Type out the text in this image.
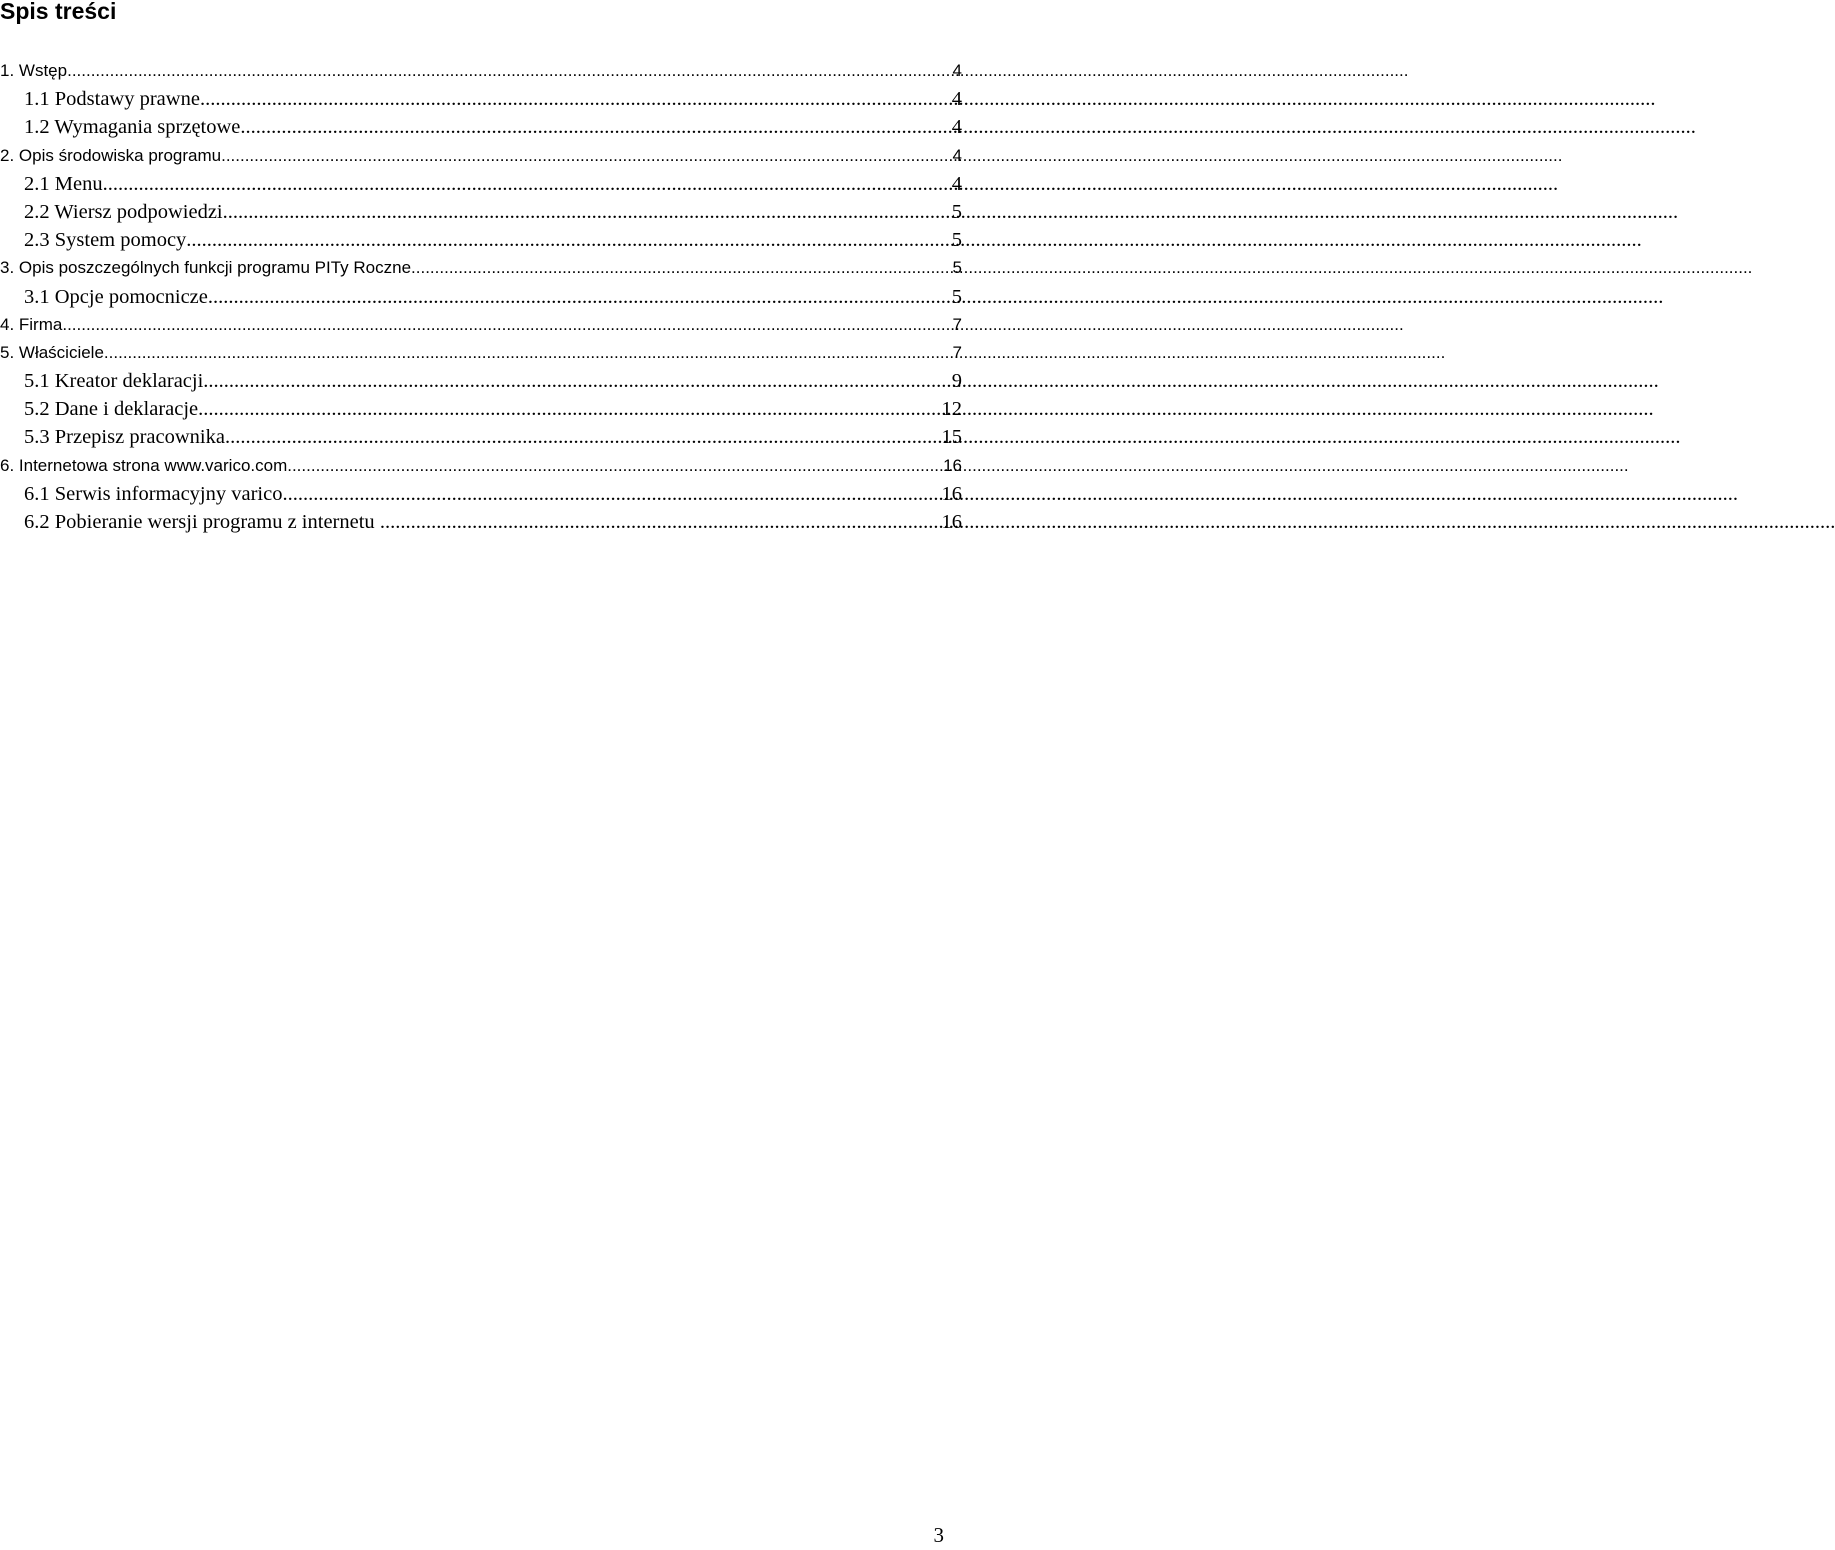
Spis treści
1. Wstęp .....	4
1.1 Podstawy prawne .....	4
1.2 Wymagania sprzętowe .....	4
2. Opis środowiska programu .....	4
2.1 Menu .....	4
2.2 Wiersz podpowiedzi .....	5
2.3 System pomocy .....	5
3. Opis poszczególnych funkcji programu PITy Roczne .....	5
3.1 Opcje pomocnicze .....	5
4. Firma .....	7
5. Właściciele .....	7
5.1 Kreator deklaracji .....	9
5.2 Dane i deklaracje .....	12
5.3 Przepisz pracownika .....	15
6. Internetowa strona www.varico.com .....	16
6.1 Serwis informacyjny varico .....	16
6.2 Pobieranie wersji programu z internetu .....	16
3
